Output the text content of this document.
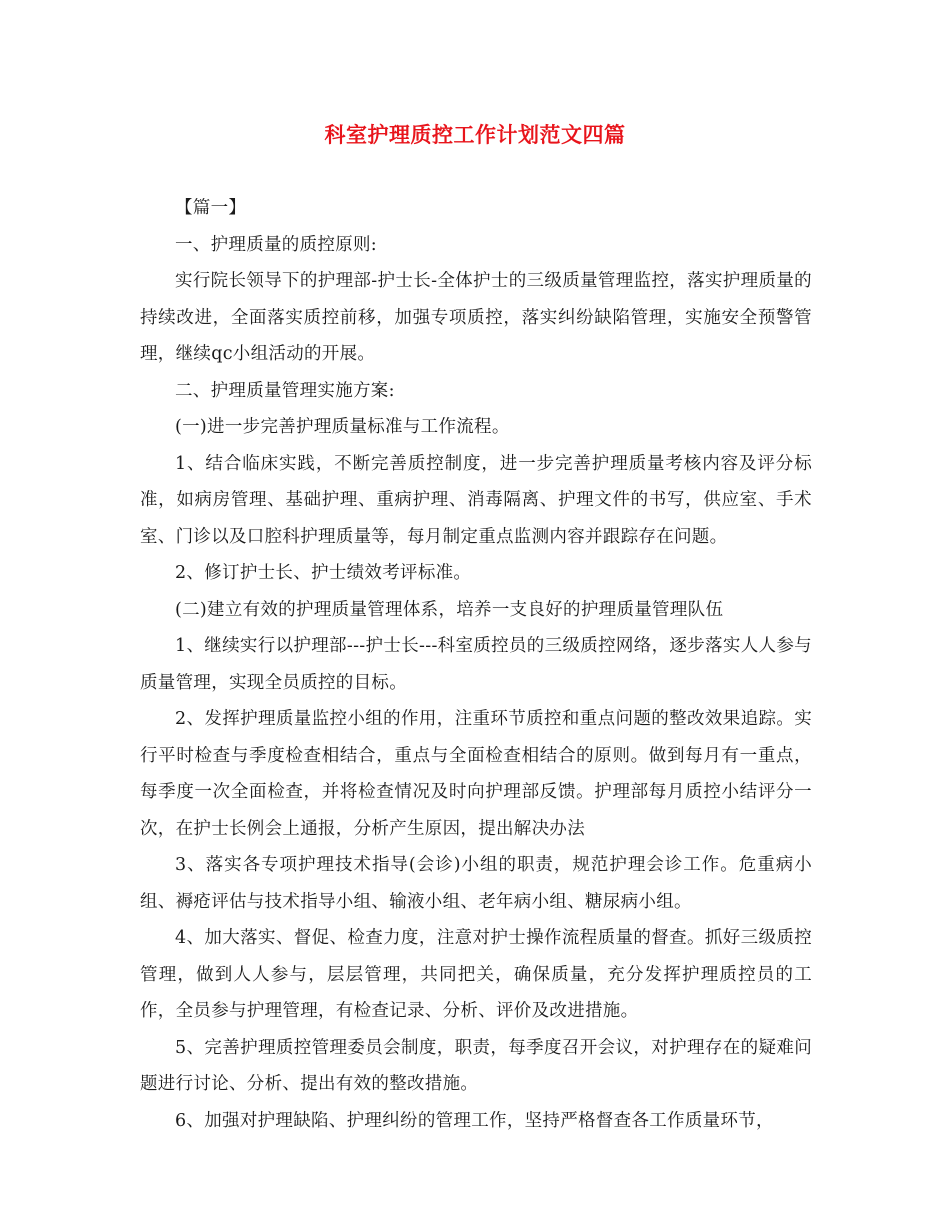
科室护理质控工作计划范文四篇

【篇一】

一、护理质量的质控原则:

实行院长领导下的护理部-护士长-全体护士的三级质量管理监控，落实护理质量的持续改进，全面落实质控前移，加强专项质控，落实纠纷缺陷管理，实施安全预警管理，继续qc小组活动的开展。

二、护理质量管理实施方案:

(一)进一步完善护理质量标准与工作流程。

1、结合临床实践，不断完善质控制度，进一步完善护理质量考核内容及评分标准，如病房管理、基础护理、重病护理、消毒隔离、护理文件的书写，供应室、手术室、门诊以及口腔科护理质量等，每月制定重点监测内容并跟踪存在问题。

2、修订护士长、护士绩效考评标准。

(二)建立有效的护理质量管理体系，培养一支良好的护理质量管理队伍

1、继续实行以护理部---护士长---科室质控员的三级质控网络，逐步落实人人参与质量管理，实现全员质控的目标。

2、发挥护理质量监控小组的作用，注重环节质控和重点问题的整改效果追踪。实行平时检查与季度检查相结合，重点与全面检查相结合的原则。做到每月有一重点，每季度一次全面检查，并将检查情况及时向护理部反馈。护理部每月质控小结评分一次，在护士长例会上通报，分析产生原因，提出解决办法

3、落实各专项护理技术指导(会诊)小组的职责，规范护理会诊工作。危重病小组、褥疮评估与技术指导小组、输液小组、老年病小组、糖尿病小组。

4、加大落实、督促、检查力度，注意对护士操作流程质量的督查。抓好三级质控管理，做到人人参与，层层管理，共同把关，确保质量，充分发挥护理质控员的工作，全员参与护理管理，有检查记录、分析、评价及改进措施。

5、完善护理质控管理委员会制度，职责，每季度召开会议，对护理存在的疑难问题进行讨论、分析、提出有效的整改措施。

6、加强对护理缺陷、护理纠纷的管理工作，坚持严格督查各工作质量环节，
